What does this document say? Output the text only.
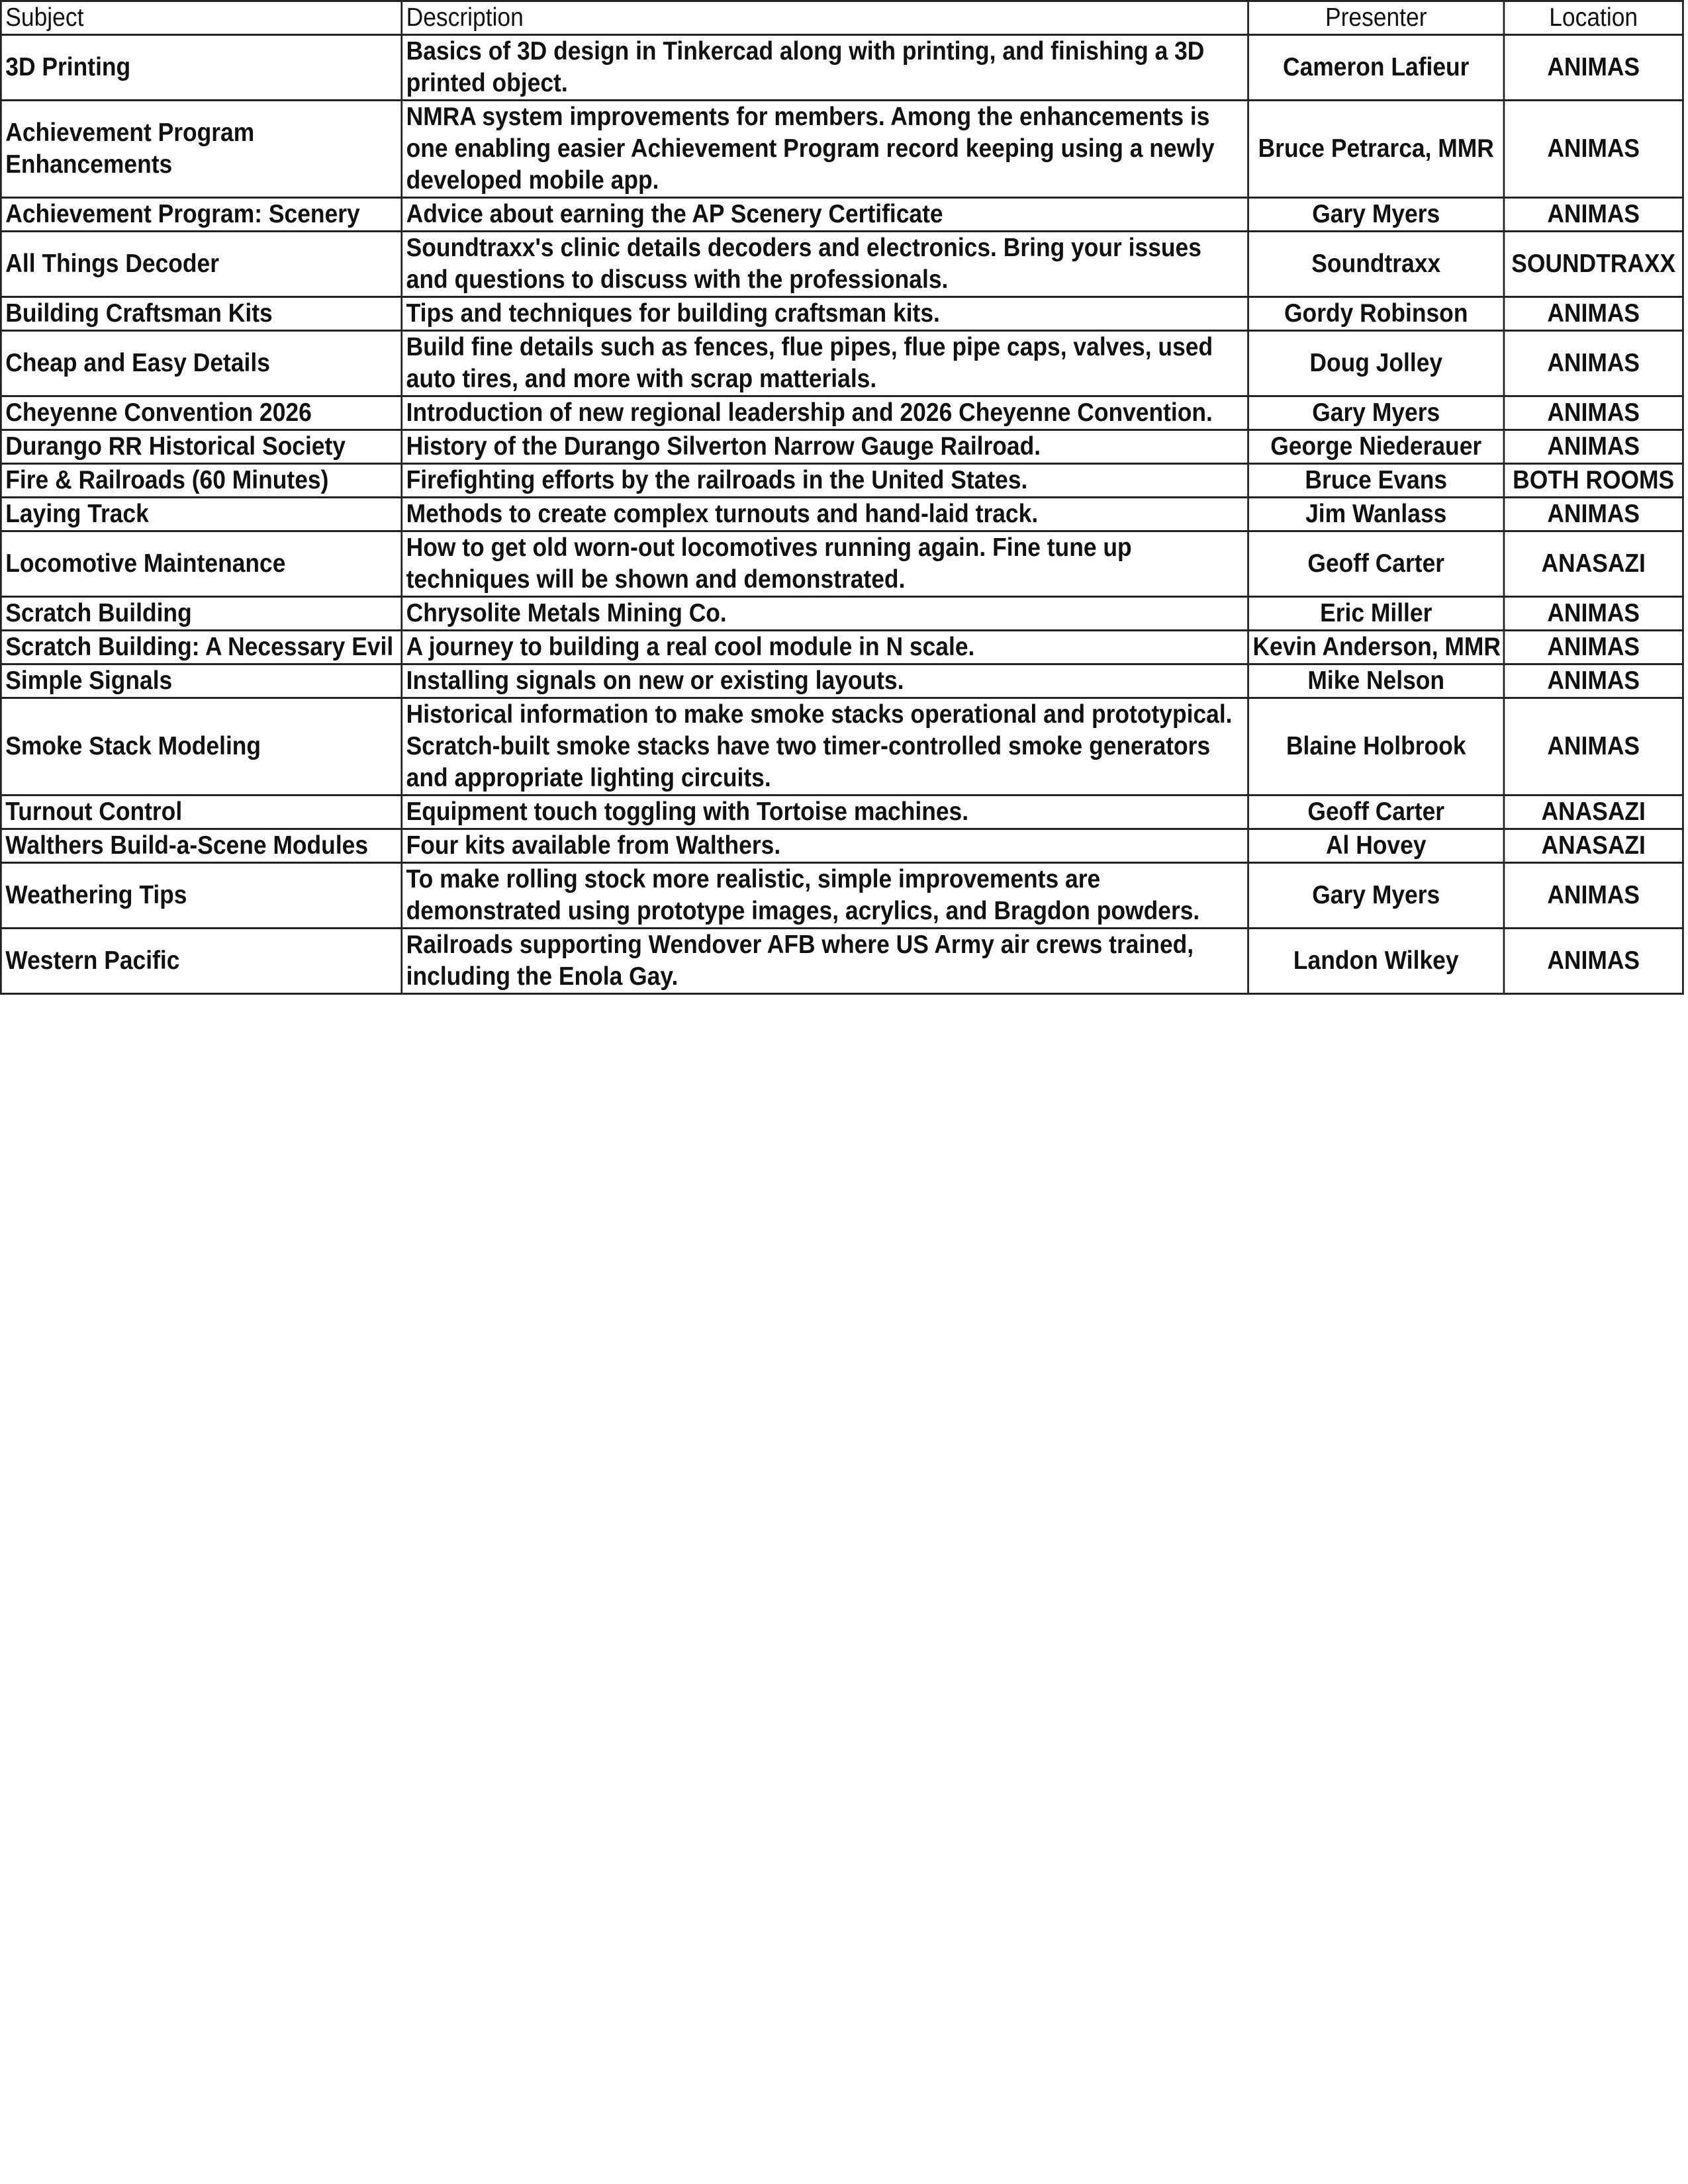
Subject	Description	Presenter	Location

3D Printing	Basics of 3D design in Tinkercad along with printing, and finishing a 3D
printed object.	Cameron Lafieur	ANIMAS

Achievement Program
Enhancements	NMRA system improvements for members. Among the enhancements is
one enabling easier Achievement Program record keeping using a newly
developed mobile app.	Bruce Petrarca, MMR	ANIMAS

Achievement Program: Scenery	Advice about earning the AP Scenery Certificate	Gary Myers	ANIMAS

All Things Decoder	Soundtraxx's clinic details decoders and electronics. Bring your issues
and questions to discuss with the professionals.	Soundtraxx	SOUNDTRAXX

Building Craftsman Kits	Tips and techniques for building craftsman kits.	Gordy Robinson	ANIMAS

Cheap and Easy Details	Build fine details such as fences, flue pipes, flue pipe caps, valves, used
auto tires, and more with scrap matterials.	Doug Jolley	ANIMAS

Cheyenne Convention 2026	Introduction of new regional leadership and 2026 Cheyenne Convention.	Gary Myers	ANIMAS

Durango RR Historical Society	History of the Durango Silverton Narrow Gauge Railroad.	George Niederauer	ANIMAS

Fire & Railroads (60 Minutes)	Firefighting efforts by the railroads in the United States.	Bruce Evans	BOTH ROOMS

Laying Track	Methods to create complex turnouts and hand-laid track.	Jim Wanlass	ANIMAS

Locomotive Maintenance	How to get old worn-out locomotives running again. Fine tune up
techniques will be shown and demonstrated.	Geoff Carter	ANASAZI

Scratch Building	Chrysolite Metals Mining Co.	Eric Miller	ANIMAS

Scratch Building: A Necessary Evil	A journey to building a real cool module in N scale.	Kevin Anderson, MMR	ANIMAS

Simple Signals	Installing signals on new or existing layouts.	Mike Nelson	ANIMAS

Smoke Stack Modeling	Historical information to make smoke stacks operational and prototypical.
Scratch-built smoke stacks have two timer-controlled smoke generators
and appropriate lighting circuits.	Blaine Holbrook	ANIMAS

Turnout Control	Equipment touch toggling with Tortoise machines.	Geoff Carter	ANASAZI

Walthers Build-a-Scene Modules	Four kits available from Walthers.	Al Hovey	ANASAZI

Weathering Tips	To make rolling stock more realistic, simple improvements are
demonstrated using prototype images, acrylics, and Bragdon powders.	Gary Myers	ANIMAS

Western Pacific	Railroads supporting Wendover AFB where US Army air crews trained,
including the Enola Gay.	Landon Wilkey	ANIMAS
